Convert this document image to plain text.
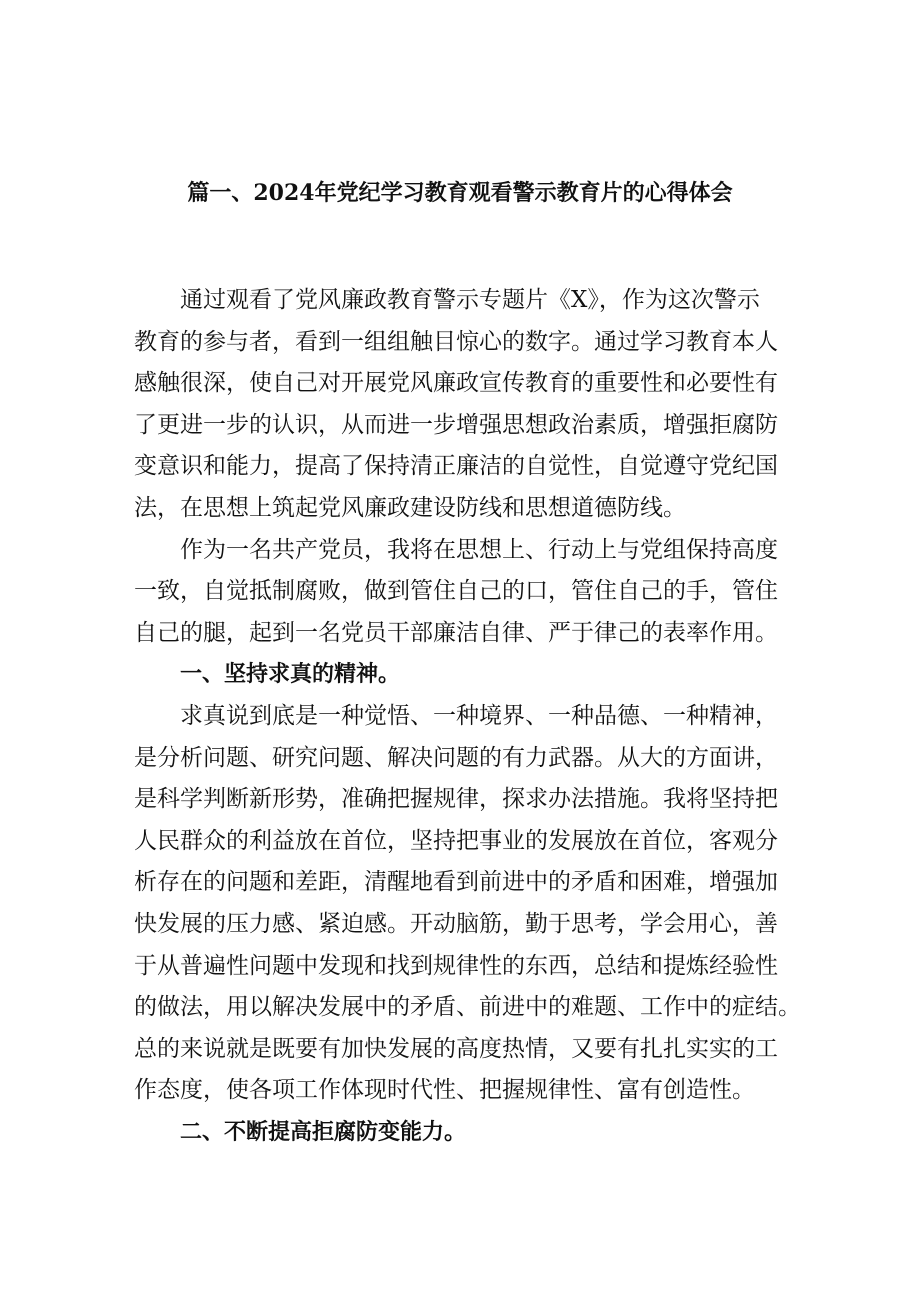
篇一、2024年党纪学习教育观看警示教育片的心得体会
通过观看了党风廉政教育警示专题片《X》，作为这次警示
教育的参与者，看到一组组触目惊心的数字。通过学习教育本人
感触很深，使自己对开展党风廉政宣传教育的重要性和必要性有
了更进一步的认识，从而进一步增强思想政治素质，增强拒腐防
变意识和能力，提高了保持清正廉洁的自觉性，自觉遵守党纪国
法，在思想上筑起党风廉政建设防线和思想道德防线。
作为一名共产党员，我将在思想上、行动上与党组保持高度
一致，自觉抵制腐败，做到管住自己的口，管住自己的手，管住
自己的腿，起到一名党员干部廉洁自律、严于律己的表率作用。
一、坚持求真的精神。
求真说到底是一种觉悟、一种境界、一种品德、一种精神，
是分析问题、研究问题、解决问题的有力武器。从大的方面讲，
是科学判断新形势，准确把握规律，探求办法措施。我将坚持把
人民群众的利益放在首位，坚持把事业的发展放在首位，客观分
析存在的问题和差距，清醒地看到前进中的矛盾和困难，增强加
快发展的压力感、紧迫感。开动脑筋，勤于思考，学会用心，善
于从普遍性问题中发现和找到规律性的东西，总结和提炼经验性
的做法，用以解决发展中的矛盾、前进中的难题、工作中的症结。
总的来说就是既要有加快发展的高度热情，又要有扎扎实实的工
作态度，使各项工作体现时代性、把握规律性、富有创造性。
二、不断提高拒腐防变能力。
